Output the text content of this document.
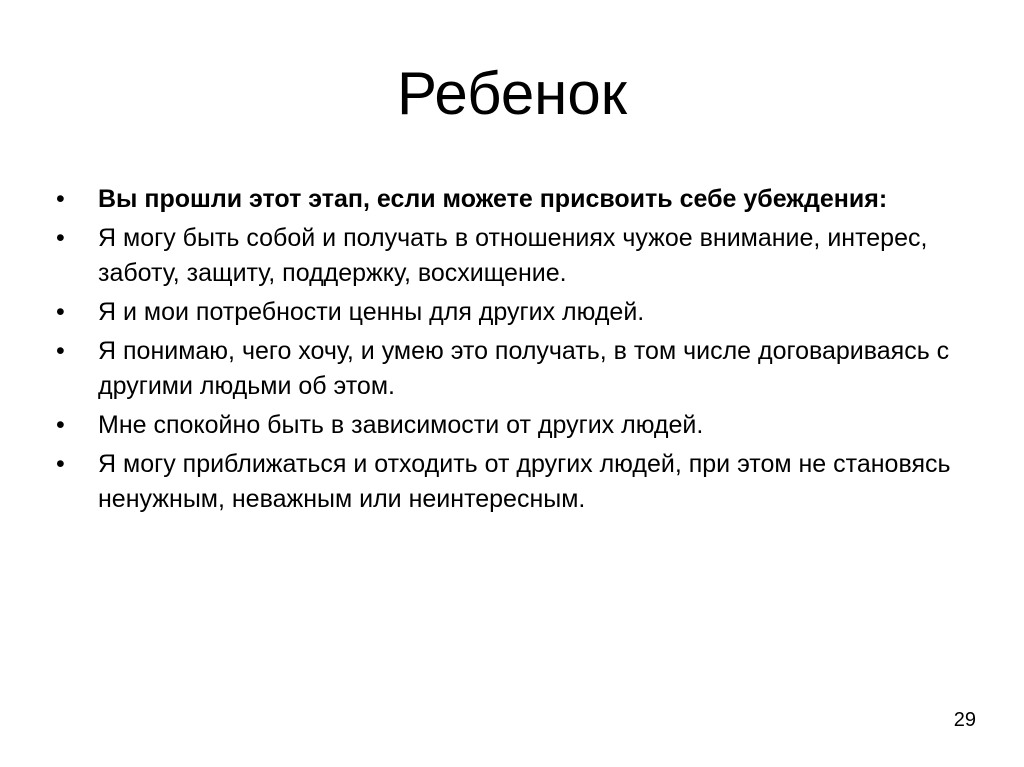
Ребенок
•	Вы прошли этот этап, если можете присвоить себе убеждения:
•	Я могу быть собой и получать в отношениях чужое внимание, интерес, заботу, защиту, поддержку, восхищение.
•	Я и мои потребности ценны для других людей.
•	Я понимаю, чего хочу, и умею это получать, в том числе договариваясь с другими людьми об этом.
•	Мне спокойно быть в зависимости от других людей.
•	Я могу приближаться и отходить от других людей, при этом не становясь ненужным, неважным или неинтересным.
29
